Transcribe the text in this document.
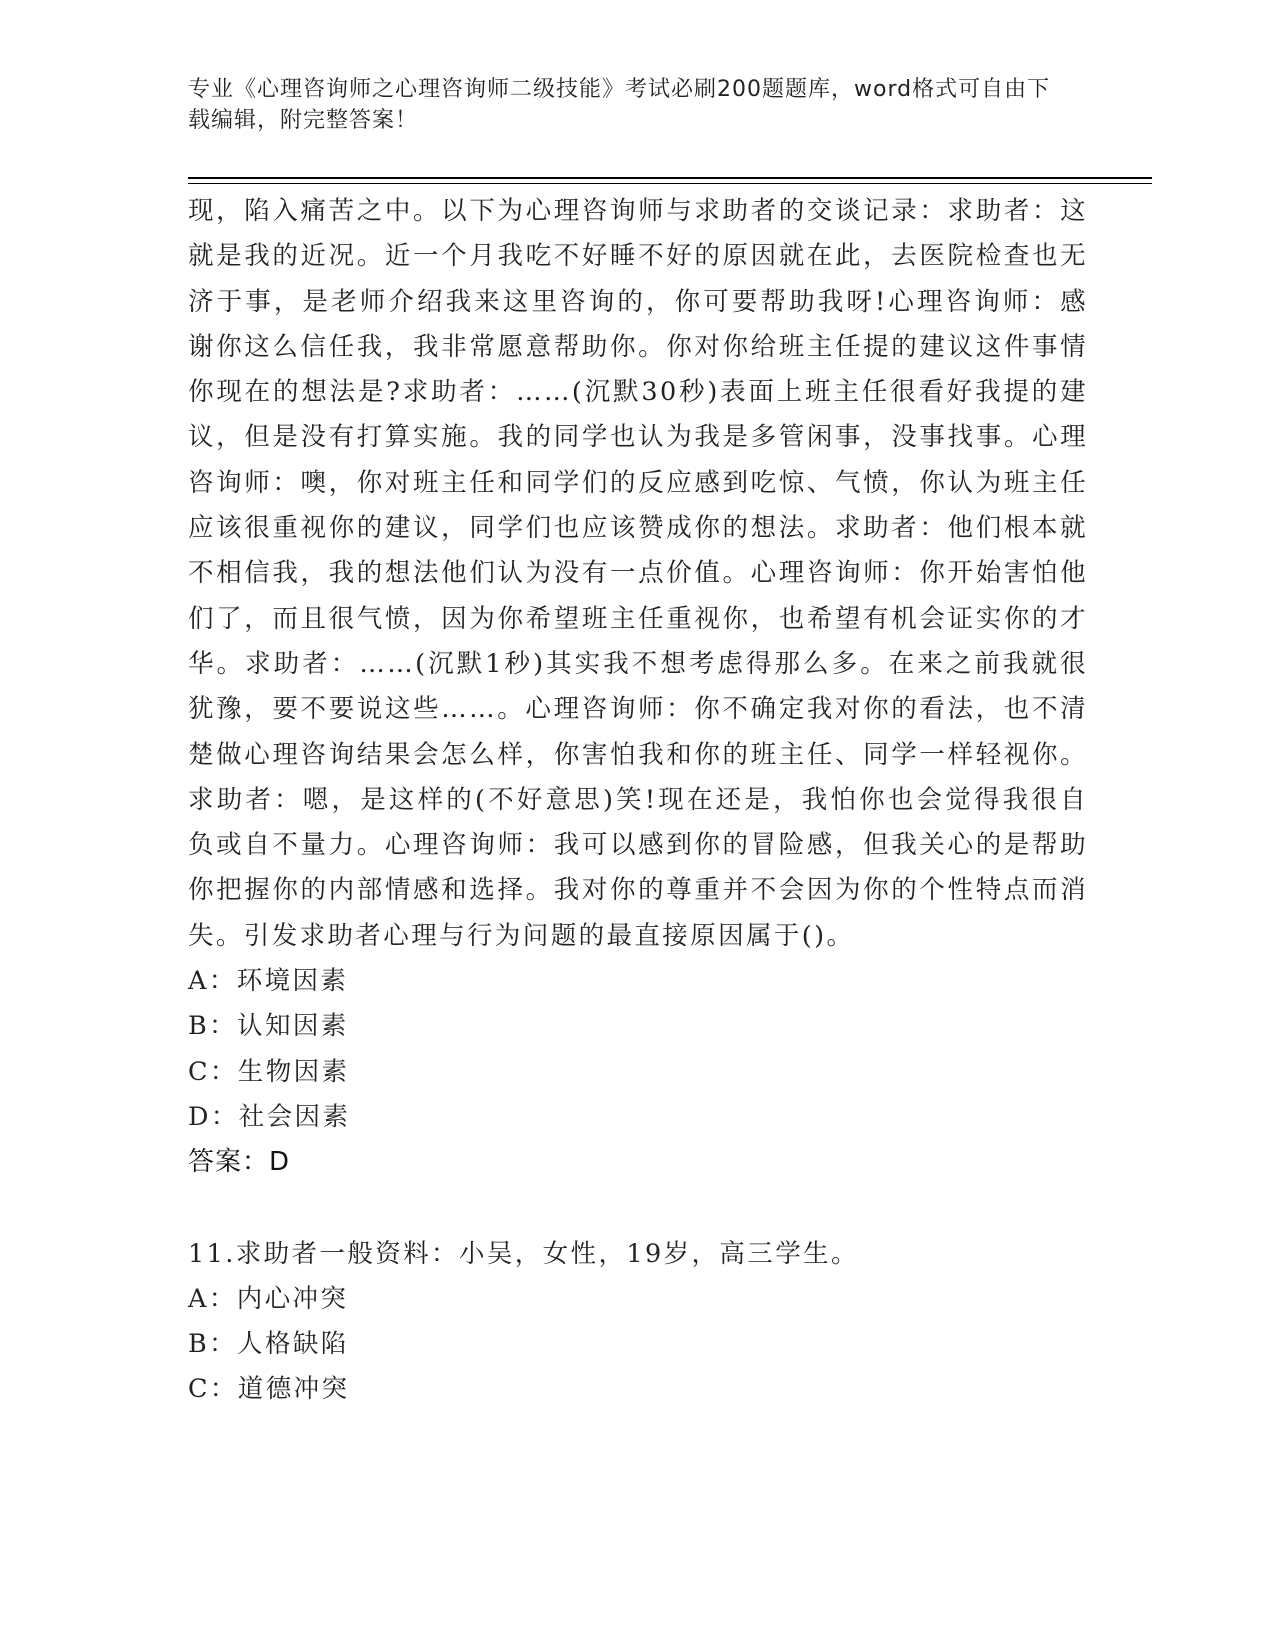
专业《心理咨询师之心理咨询师二级技能》考试必刷200题题库，word格式可自由下载编辑，附完整答案！
现，陷入痛苦之中。以下为心理咨询师与求助者的交谈记录：求助者：这就是我的近况。近一个月我吃不好睡不好的原因就在此，去医院检查也无济于事，是老师介绍我来这里咨询的，你可要帮助我呀!心理咨询师：感谢你这么信任我，我非常愿意帮助你。你对你给班主任提的建议这件事情你现在的想法是?求助者：……(沉默30秒)表面上班主任很看好我提的建议，但是没有打算实施。我的同学也认为我是多管闲事，没事找事。心理咨询师：噢，你对班主任和同学们的反应感到吃惊、气愤，你认为班主任应该很重视你的建议，同学们也应该赞成你的想法。求助者：他们根本就不相信我，我的想法他们认为没有一点价值。心理咨询师：你开始害怕他们了，而且很气愤，因为你希望班主任重视你，也希望有机会证实你的才华。求助者：……(沉默1秒)其实我不想考虑得那么多。在来之前我就很犹豫，要不要说这些……。心理咨询师：你不确定我对你的看法，也不清楚做心理咨询结果会怎么样，你害怕我和你的班主任、同学一样轻视你。求助者：嗯，是这样的(不好意思)笑!现在还是，我怕你也会觉得我很自负或自不量力。心理咨询师：我可以感到你的冒险感，但我关心的是帮助你把握你的内部情感和选择。我对你的尊重并不会因为你的个性特点而消失。引发求助者心理与行为问题的最直接原因属于()。
A：环境因素
B：认知因素
C：生物因素
D：社会因素
答案：D
11.求助者一般资料：小吴，女性，19岁，高三学生。
A：内心冲突
B：人格缺陷
C：道德冲突
